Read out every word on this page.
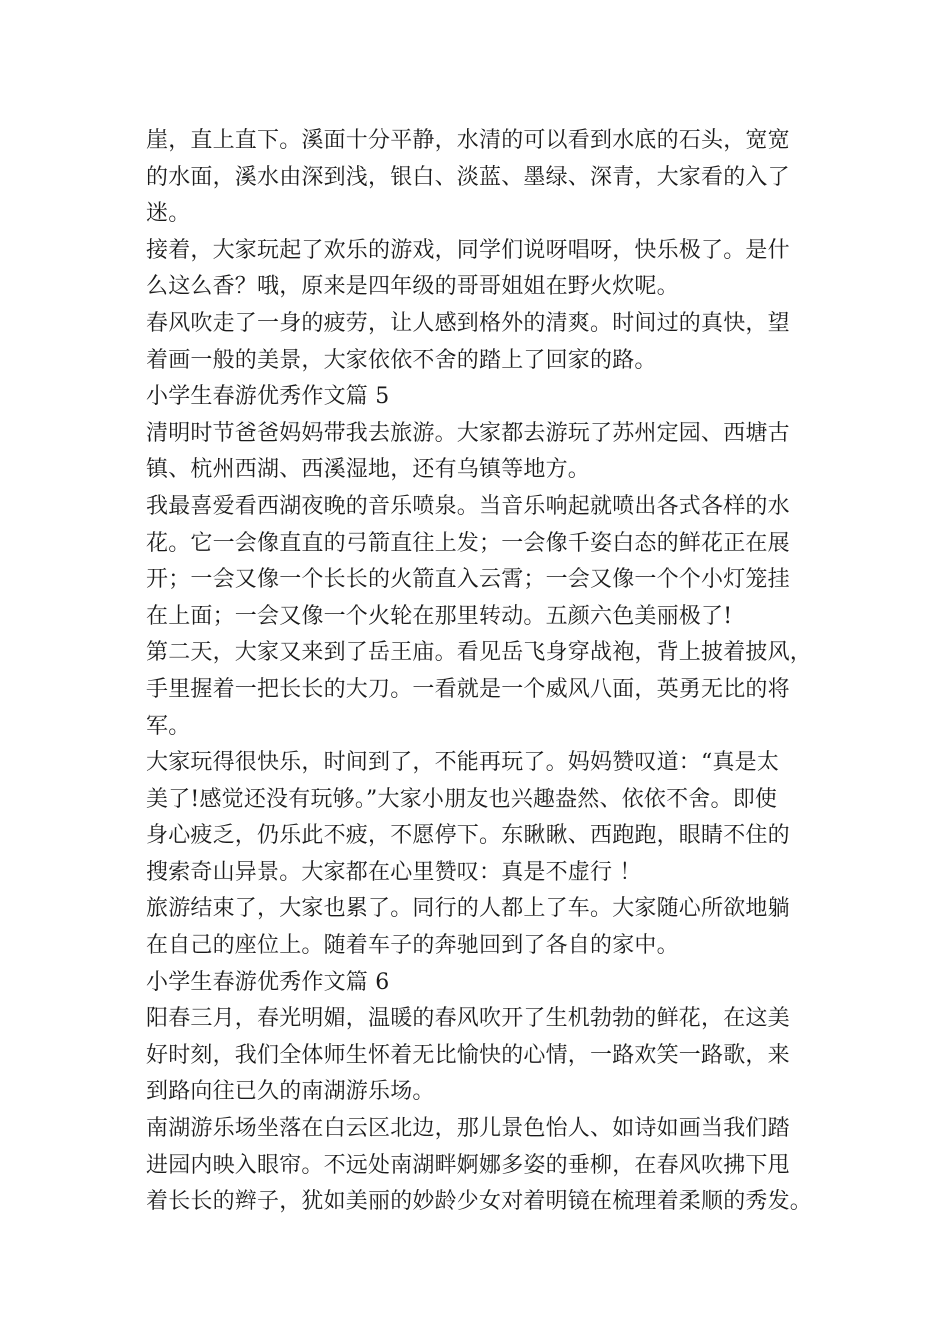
崖，直上直下。溪面十分平静，水清的可以看到水底的石头，宽宽
的水面，溪水由深到浅，银白、淡蓝、墨绿、深青，大家看的入了
迷。
接着，大家玩起了欢乐的游戏，同学们说呀唱呀，快乐极了。是什
么这么香？哦，原来是四年级的哥哥姐姐在野火炊呢。
春风吹走了一身的疲劳，让人感到格外的清爽。时间过的真快，望
着画一般的美景，大家依依不舍的踏上了回家的路。
小学生春游优秀作文篇 5
清明时节爸爸妈妈带我去旅游。大家都去游玩了苏州定园、西塘古
镇、杭州西湖、西溪湿地，还有乌镇等地方。
我最喜爱看西湖夜晚的音乐喷泉。当音乐响起就喷出各式各样的水
花。它一会像直直的弓箭直往上发；一会像千姿白态的鲜花正在展
开；一会又像一个长长的火箭直入云霄；一会又像一个个小灯笼挂
在上面；一会又像一个火轮在那里转动。五颜六色美丽极了!
第二天，大家又来到了岳王庙。看见岳飞身穿战袍，背上披着披风，
手里握着一把长长的大刀。一看就是一个威风八面，英勇无比的将
军。
大家玩得很快乐，时间到了，不能再玩了。妈妈赞叹道：“真是太
美了!感觉还没有玩够。”大家小朋友也兴趣盎然、依依不舍。即使
身心疲乏，仍乐此不疲，不愿停下。东瞅瞅、西跑跑，眼睛不住的
搜索奇山异景。大家都在心里赞叹：真是不虚行 ！
旅游结束了，大家也累了。同行的人都上了车。大家随心所欲地躺
在自己的座位上。随着车子的奔驰回到了各自的家中。
小学生春游优秀作文篇 6
阳春三月，春光明媚，温暖的春风吹开了生机勃勃的鲜花，在这美
好时刻，我们全体师生怀着无比愉快的心情，一路欢笑一路歌，来
到路向往已久的南湖游乐场。
南湖游乐场坐落在白云区北边，那儿景色怡人、如诗如画当我们踏
进园内映入眼帘。不远处南湖畔婀娜多姿的垂柳，在春风吹拂下甩
着长长的辫子，犹如美丽的妙龄少女对着明镜在梳理着柔顺的秀发。
